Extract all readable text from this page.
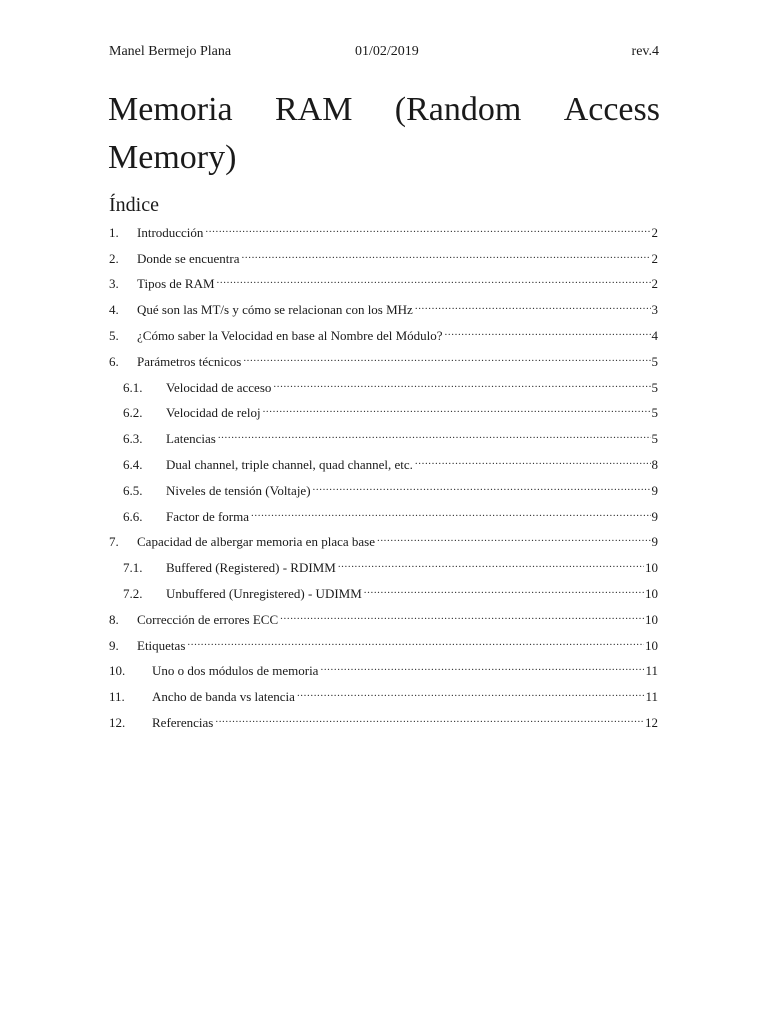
Manel Bermejo Plana	01/02/2019	rev.4
Memoria RAM (Random Access
Memory)
Índice
1.	Introducción .....	2
2.	Donde se encuentra .....	2
3.	Tipos de RAM .....	2
4.	Qué son las MT/s y cómo se relacionan con los MHz .....	3
5.	¿Cómo saber la Velocidad en base al Nombre del Módulo? .....	4
6.	Parámetros técnicos .....	5
6.1.	Velocidad de acceso .....	5
6.2.	Velocidad de reloj .....	5
6.3.	Latencias .....	5
6.4.	Dual channel, triple channel, quad channel, etc. .....	8
6.5.	Niveles de tensión (Voltaje) .....	9
6.6.	Factor de forma .....	9
7.	Capacidad de albergar memoria en placa base .....	9
7.1.	Buffered (Registered) - RDIMM .....	10
7.2.	Unbuffered (Unregistered) - UDIMM .....	10
8.	Corrección de errores ECC .....	10
9.	Etiquetas .....	10
10.	Uno o dos módulos de memoria .....	11
11.	Ancho de banda vs latencia .....	11
12.	Referencias .....	12
